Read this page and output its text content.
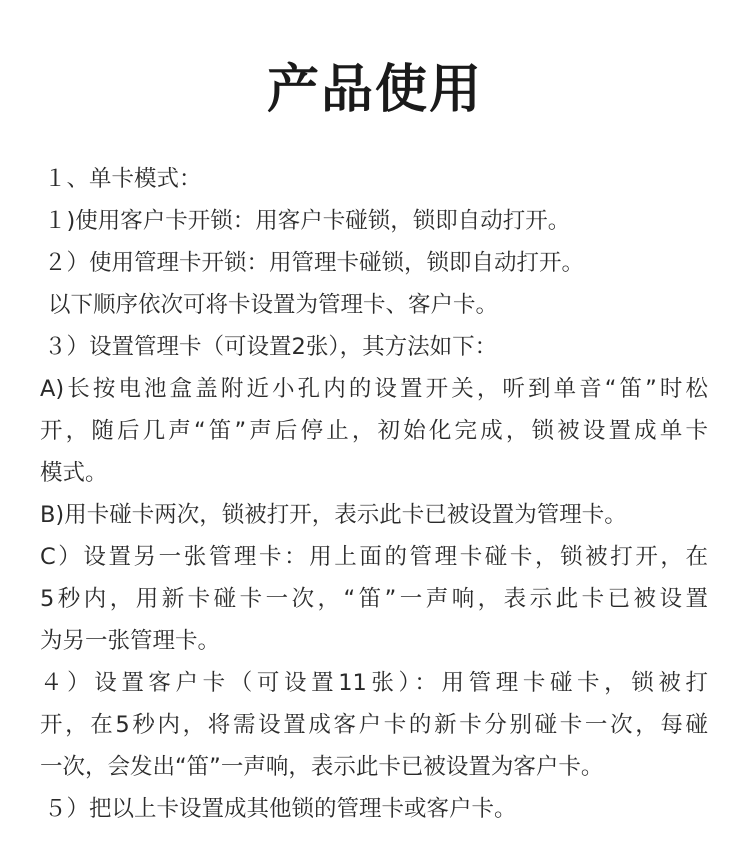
产品使用
１、单卡模式：
１)使用客户卡开锁：用客户卡碰锁，锁即自动打开。
２）使用管理卡开锁：用管理卡碰锁，锁即自动打开。
以下顺序依次可将卡设置为管理卡、客户卡。
３）设置管理卡（可设置2张），其方法如下：
A)长按电池盒盖附近小孔内的设置开关，听到单音“笛”时松
开，随后几声“笛”声后停止，初始化完成，锁被设置成单卡
模式。
B)用卡碰卡两次，锁被打开，表示此卡已被设置为管理卡。
C）设置另一张管理卡：用上面的管理卡碰卡，锁被打开，在
5秒内，用新卡碰卡一次，“笛”一声响，表示此卡已被设置
为另一张管理卡。
４）设置客户卡（可设置11张）：用管理卡碰卡，锁被打
开，在5秒内，将需设置成客户卡的新卡分别碰卡一次，每碰
一次，会发出“笛”一声响，表示此卡已被设置为客户卡。
５）把以上卡设置成其他锁的管理卡或客户卡。
